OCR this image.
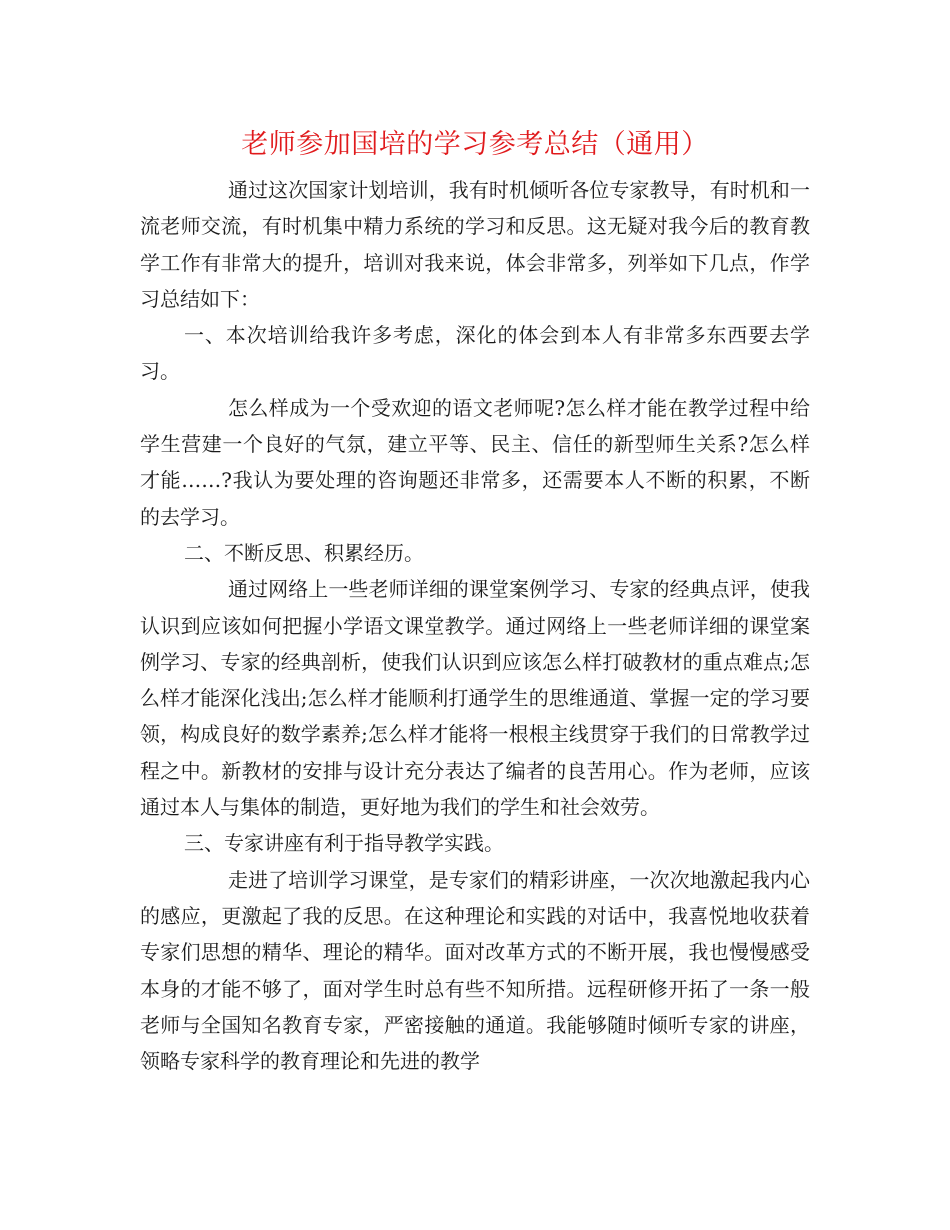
老师参加国培的学习参考总结（通用）

通过这次国家计划培训，我有时机倾听各位专家教导，有时机和一流老师交流，有时机集中精力系统的学习和反思。这无疑对我今后的教育教学工作有非常大的提升，培训对我来说，体会非常多，列举如下几点，作学习总结如下：

一、本次培训给我许多考虑，深化的体会到本人有非常多东西要去学习。

怎么样成为一个受欢迎的语文老师呢?怎么样才能在教学过程中给学生营建一个良好的气氛，建立平等、民主、信任的新型师生关系?怎么样才能……?我认为要处理的咨询题还非常多，还需要本人不断的积累，不断的去学习。

二、不断反思、积累经历。

通过网络上一些老师详细的课堂案例学习、专家的经典点评，使我认识到应该如何把握小学语文课堂教学。通过网络上一些老师详细的课堂案例学习、专家的经典剖析，使我们认识到应该怎么样打破教材的重点难点;怎么样才能深化浅出;怎么样才能顺利打通学生的思维通道、掌握一定的学习要领，构成良好的数学素养;怎么样才能将一根根主线贯穿于我们的日常教学过程之中。新教材的安排与设计充分表达了编者的良苦用心。作为老师，应该通过本人与集体的制造，更好地为我们的学生和社会效劳。

三、专家讲座有利于指导教学实践。

走进了培训学习课堂，是专家们的精彩讲座，一次次地激起我内心的感应，更激起了我的反思。在这种理论和实践的对话中，我喜悦地收获着专家们思想的精华、理论的精华。面对改革方式的不断开展，我也慢慢感受本身的才能不够了，面对学生时总有些不知所措。远程研修开拓了一条一般老师与全国知名教育专家，严密接触的通道。我能够随时倾听专家的讲座，领略专家科学的教育理论和先进的教学
